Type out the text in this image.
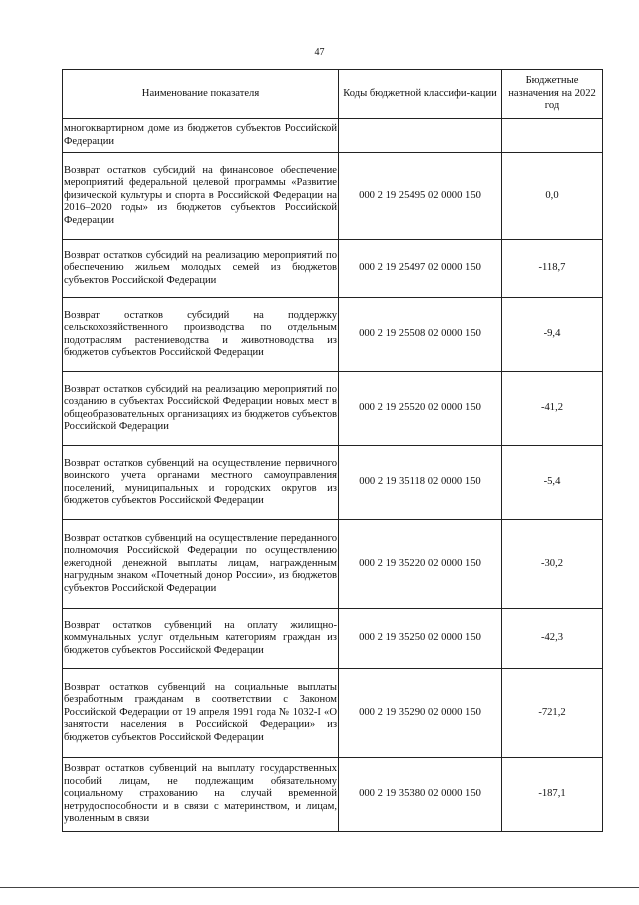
47
Наименование показателя	Коды бюджетной классифи-кации	Бюджетные назначения на 2022 год
многоквартирном доме из бюджетов субъектов Российской Федерации		
Возврат остатков субсидий на финансовое обеспечение мероприятий федеральной целевой программы «Развитие физической культуры и спорта в Российской Федерации на 2016–2020 годы» из бюджетов субъектов Российской Федерации	000 2 19 25495 02 0000 150	0,0
Возврат остатков субсидий на реализацию мероприятий по обеспечению жильем молодых семей из бюджетов субъектов Российской Федерации	000 2 19 25497 02 0000 150	-118,7
Возврат остатков субсидий на поддержку сельскохозяйственного производства по отдельным подотраслям растениеводства и животноводства из бюджетов субъектов Российской Федерации	000 2 19 25508 02 0000 150	-9,4
Возврат остатков субсидий на реализацию мероприятий по созданию в субъектах Российской Федерации новых мест в общеобразовательных организациях из бюджетов субъектов Российской Федерации	000 2 19 25520 02 0000 150	-41,2
Возврат остатков субвенций на осуществление первичного воинского учета органами местного самоуправления поселений, муниципальных и городских округов из бюджетов субъектов Российской Федерации	000 2 19 35118 02 0000 150	-5,4
Возврат остатков субвенций на осуществление переданного полномочия Российской Федерации по осуществлению ежегодной денежной выплаты лицам, награжденным нагрудным знаком «Почетный донор России», из бюджетов субъектов Российской Федерации	000 2 19 35220 02 0000 150	-30,2
Возврат остатков субвенций на оплату жилищно-коммунальных услуг отдельным категориям граждан из бюджетов субъектов Российской Федерации	000 2 19 35250 02 0000 150	-42,3
Возврат остатков субвенций на социальные выплаты безработным гражданам в соответствии с Законом Российской Федерации от 19 апреля 1991 года № 1032-I «О занятости населения в Российской Федерации» из бюджетов субъектов Российской Федерации	000 2 19 35290 02 0000 150	-721,2
Возврат остатков субвенций на выплату государственных пособий лицам, не подлежащим обязательному социальному страхованию на случай временной нетрудоспособности и в связи с материнством, и лицам, уволенным в связи	000 2 19 35380 02 0000 150	-187,1
